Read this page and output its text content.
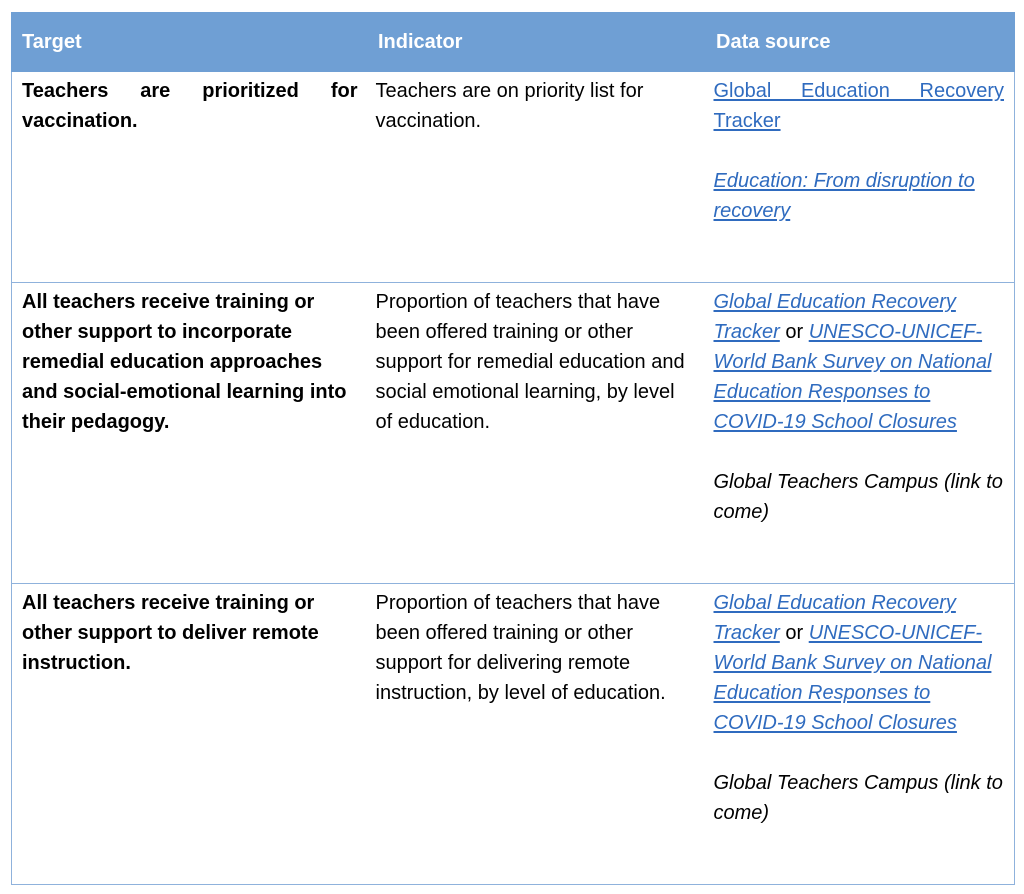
Target	Indicator	Data source
Teachers are prioritized for vaccination.	Teachers are on priority list for vaccination.	Global Education Recovery Tracker
Education: From disruption to recovery

All teachers receive training or other support to incorporate remedial education approaches and social-emotional learning into their pedagogy.	Proportion of teachers that have been offered training or other support for remedial education and social emotional learning, by level of education.	Global Education Recovery Tracker or UNESCO-UNICEF-World Bank Survey on National Education Responses to COVID-19 School Closures
Global Teachers Campus (link to come)

All teachers receive training or other support to deliver remote instruction.	Proportion of teachers that have been offered training or other support for delivering remote instruction, by level of education.	Global Education Recovery Tracker or UNESCO-UNICEF-World Bank Survey on National Education Responses to COVID-19 School Closures
Global Teachers Campus (link to come)
